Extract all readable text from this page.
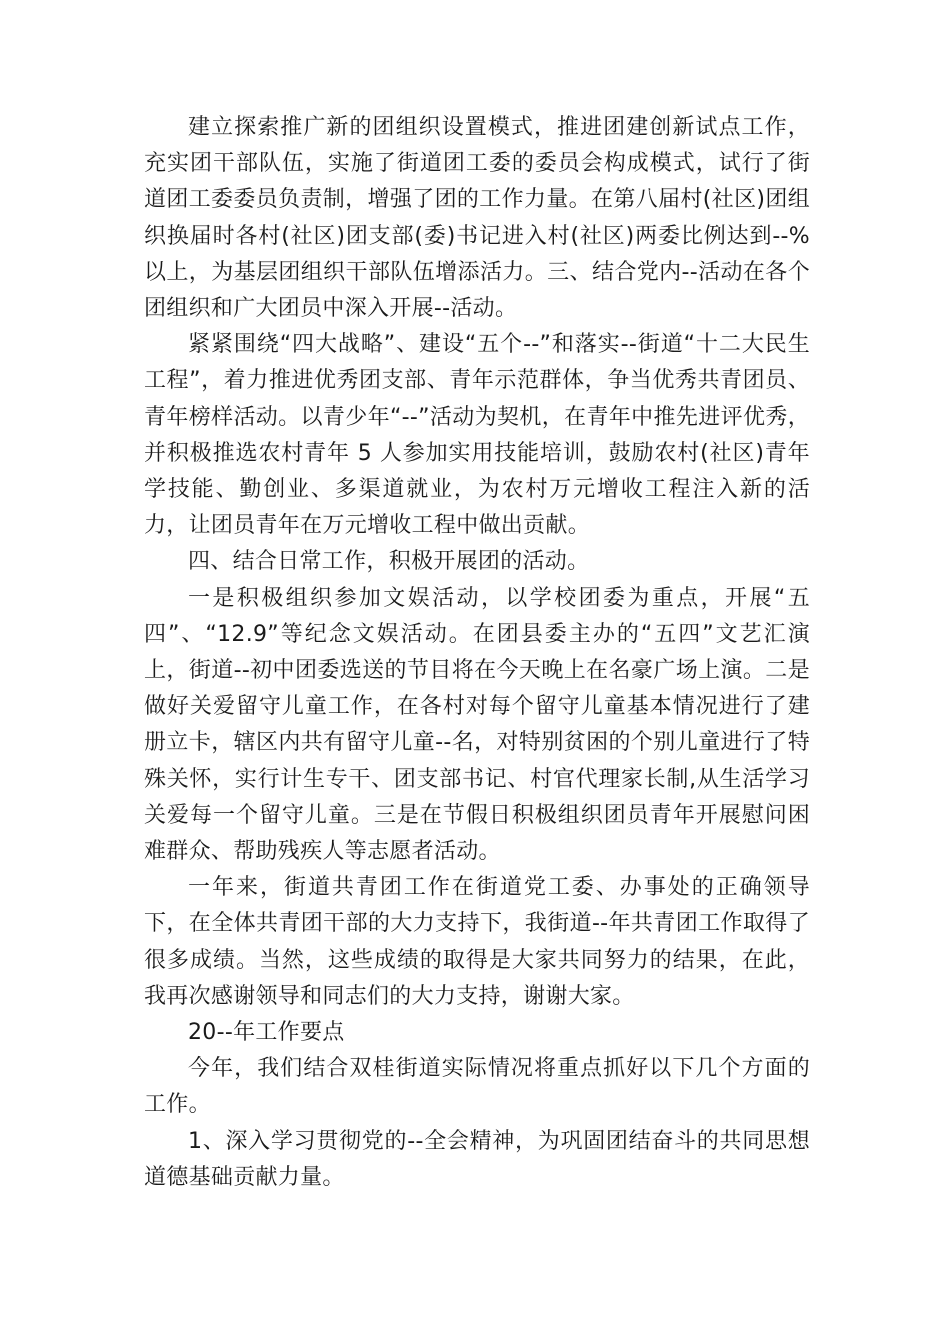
建立探索推广新的团组织设置模式，推进团建创新试点工作，充实团干部队伍，实施了街道团工委的委员会构成模式，试行了街道团工委委员负责制，增强了团的工作力量。在第八届村(社区)团组织换届时各村(社区)团支部(委)书记进入村(社区)两委比例达到--%以上，为基层团组织干部队伍增添活力。三、结合党内--活动在各个团组织和广大团员中深入开展--活动。

紧紧围绕“四大战略”、建设“五个--”和落实--街道“十二大民生工程”，着力推进优秀团支部、青年示范群体，争当优秀共青团员、青年榜样活动。以青少年“--”活动为契机，在青年中推先进评优秀，并积极推选农村青年 5 人参加实用技能培训，鼓励农村(社区)青年学技能、勤创业、多渠道就业，为农村万元增收工程注入新的活力，让团员青年在万元增收工程中做出贡献。

四、结合日常工作，积极开展团的活动。

一是积极组织参加文娱活动，以学校团委为重点，开展“五四”、“12.9”等纪念文娱活动。在团县委主办的“五四”文艺汇演上，街道--初中团委选送的节目将在今天晚上在名豪广场上演。二是做好关爱留守儿童工作，在各村对每个留守儿童基本情况进行了建册立卡，辖区内共有留守儿童--名，对特别贫困的个别儿童进行了特殊关怀，实行计生专干、团支部书记、村官代理家长制,从生活学习关爱每一个留守儿童。三是在节假日积极组织团员青年开展慰问困难群众、帮助残疾人等志愿者活动。

一年来，街道共青团工作在街道党工委、办事处的正确领导下，在全体共青团干部的大力支持下，我街道--年共青团工作取得了很多成绩。当然，这些成绩的取得是大家共同努力的结果，在此，我再次感谢领导和同志们的大力支持，谢谢大家。

20--年工作要点

今年，我们结合双桂街道实际情况将重点抓好以下几个方面的工作。

1、深入学习贯彻党的--全会精神，为巩固团结奋斗的共同思想道德基础贡献力量。
